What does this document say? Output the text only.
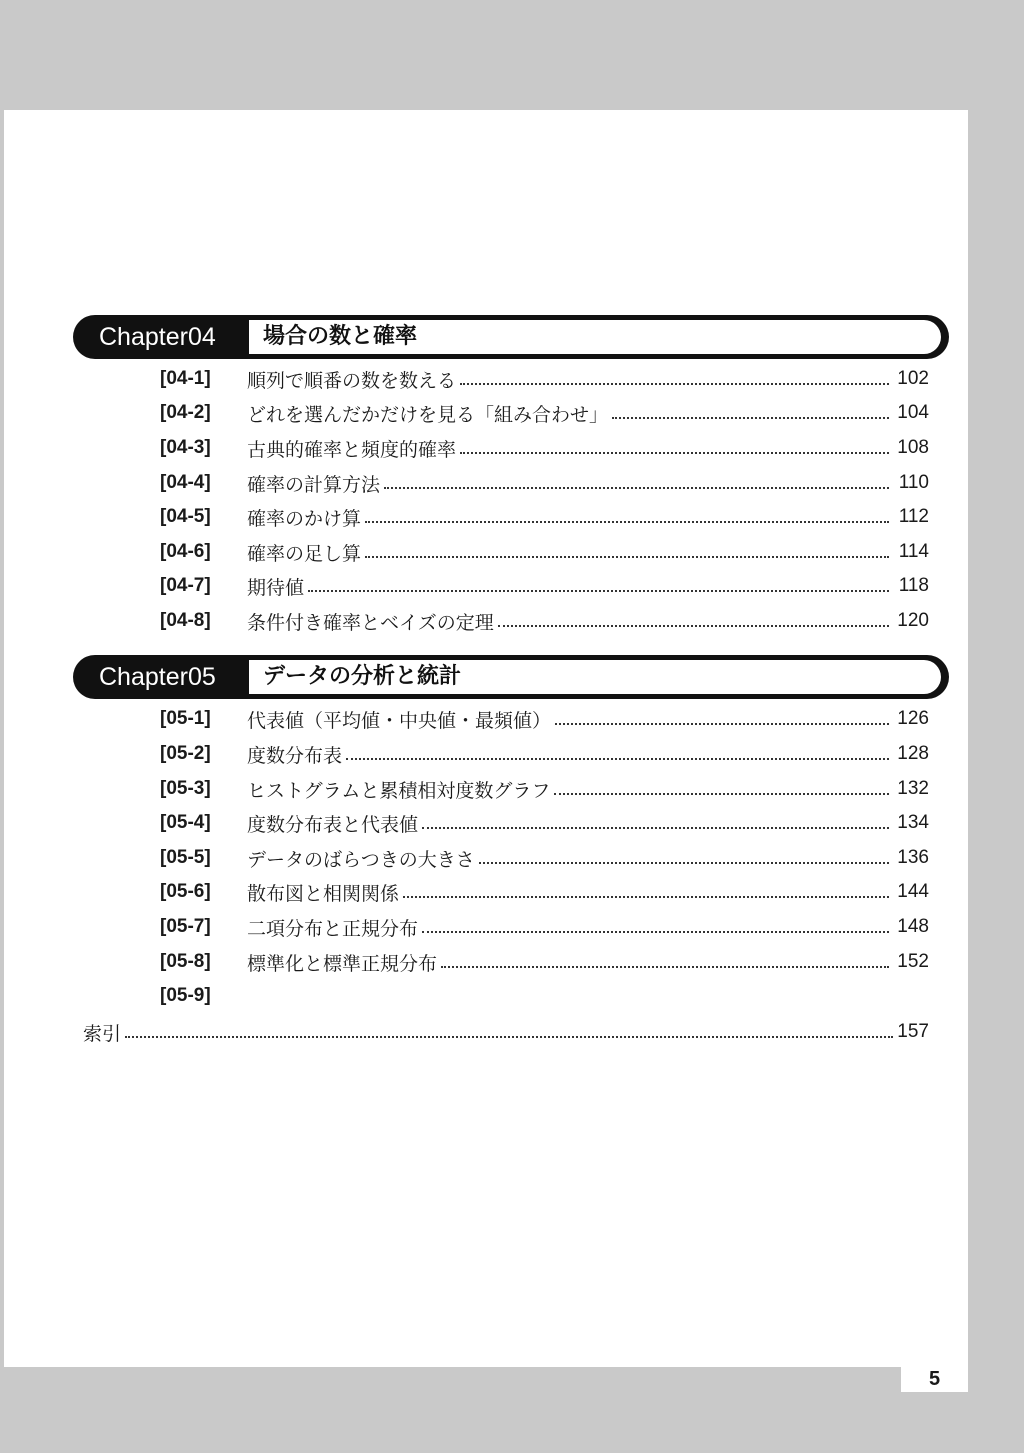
Chapter04 場合の数と確率
[04-1]	順列で順番の数を数える	102
[04-2]	どれを選んだかだけを見る「組み合わせ」	104
[04-3]	古典的確率と頻度的確率	108
[04-4]	確率の計算方法	110
[04-5]	確率のかけ算	112
[04-6]	確率の足し算	114
[04-7]	期待値	118
[04-8]	条件付き確率とベイズの定理	120
Chapter05 データの分析と統計
[05-1]	代表値（平均値・中央値・最頻値）	126
[05-2]	度数分布表	128
[05-3]	ヒストグラムと累積相対度数グラフ	132
[05-4]	度数分布表と代表値	134
[05-5]	データのばらつきの大きさ	136
[05-6]	散布図と相関関係	144
[05-7]	二項分布と正規分布	148
[05-8]	標準化と標準正規分布	152
[05-9]
索引	157
5
